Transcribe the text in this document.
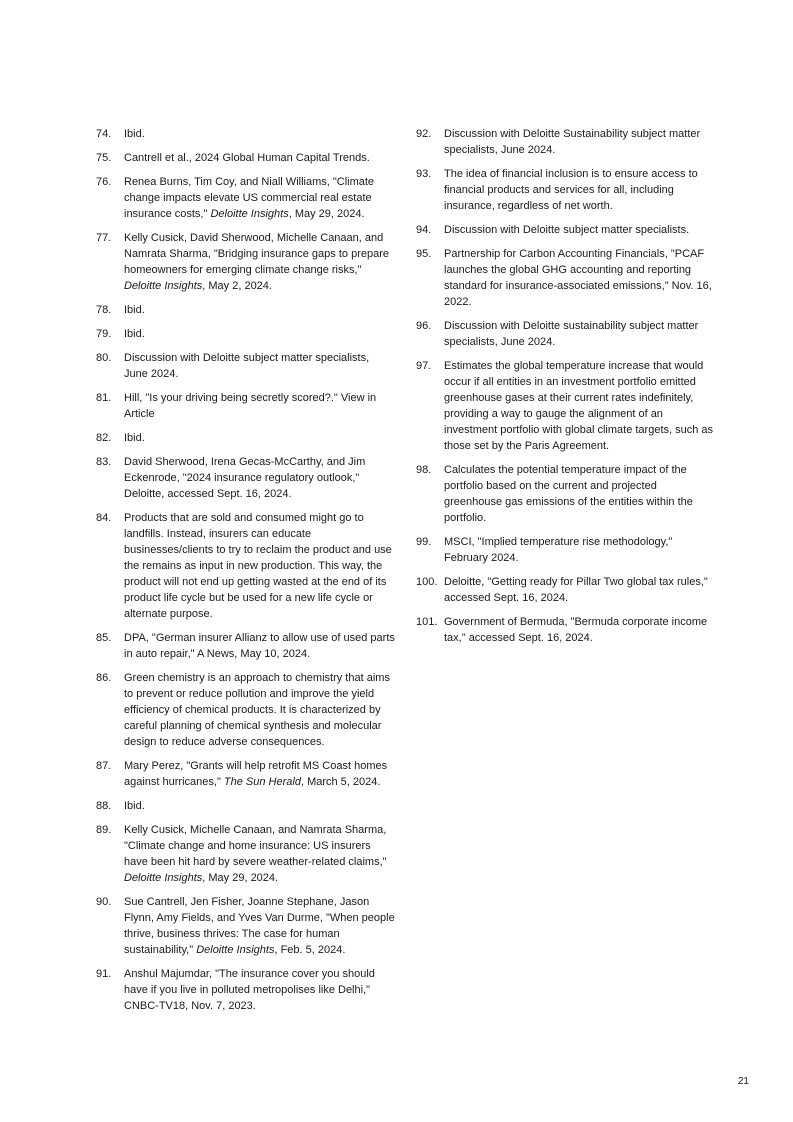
74.	Ibid.
75.	Cantrell et al., 2024 Global Human Capital Trends.
76.	Renea Burns, Tim Coy, and Niall Williams, "Climate change impacts elevate US commercial real estate insurance costs," Deloitte Insights, May 29, 2024.
77.	Kelly Cusick, David Sherwood, Michelle Canaan, and Namrata Sharma, "Bridging insurance gaps to prepare homeowners for emerging climate change risks," Deloitte Insights, May 2, 2024.
78.	Ibid.
79.	Ibid.
80.	Discussion with Deloitte subject matter specialists, June 2024.
81.	Hill, "Is your driving being secretly scored?." View in Article
82.	Ibid.
83.	David Sherwood, Irena Gecas-McCarthy, and Jim Eckenrode, "2024 insurance regulatory outlook," Deloitte, accessed Sept. 16, 2024.
84.	Products that are sold and consumed might go to landfills. Instead, insurers can educate businesses/clients to try to reclaim the product and use the remains as input in new production. This way, the product will not end up getting wasted at the end of its product life cycle but be used for a new life cycle or alternate purpose.
85.	DPA, "German insurer Allianz to allow use of used parts in auto repair," A News, May 10, 2024.
86.	Green chemistry is an approach to chemistry that aims to prevent or reduce pollution and improve the yield efficiency of chemical products. It is characterized by careful planning of chemical synthesis and molecular design to reduce adverse consequences.
87.	Mary Perez, "Grants will help retrofit MS Coast homes against hurricanes," The Sun Herald, March 5, 2024.
88.	Ibid.
89.	Kelly Cusick, Michelle Canaan, and Namrata Sharma, "Climate change and home insurance: US insurers have been hit hard by severe weather-related claims," Deloitte Insights, May 29, 2024.
90.	Sue Cantrell, Jen Fisher, Joanne Stephane, Jason Flynn, Amy Fields, and Yves Van Durme, "When people thrive, business thrives: The case for human sustainability," Deloitte Insights, Feb. 5, 2024.
91.	Anshul Majumdar, "The insurance cover you should have if you live in polluted metropolises like Delhi," CNBC-TV18, Nov. 7, 2023.
92.	Discussion with Deloitte Sustainability subject matter specialists, June 2024.
93.	The idea of financial inclusion is to ensure access to financial products and services for all, including insurance, regardless of net worth.
94.	Discussion with Deloitte subject matter specialists.
95.	Partnership for Carbon Accounting Financials, "PCAF launches the global GHG accounting and reporting standard for insurance-associated emissions," Nov. 16, 2022.
96.	Discussion with Deloitte sustainability subject matter specialists, June 2024.
97.	Estimates the global temperature increase that would occur if all entities in an investment portfolio emitted greenhouse gases at their current rates indefinitely, providing a way to gauge the alignment of an investment portfolio with global climate targets, such as those set by the Paris Agreement.
98.	Calculates the potential temperature impact of the portfolio based on the current and projected greenhouse gas emissions of the entities within the portfolio.
99.	MSCI, "Implied temperature rise methodology," February 2024.
100. Deloitte, "Getting ready for Pillar Two global tax rules," accessed Sept. 16, 2024.
101. Government of Bermuda, "Bermuda corporate income tax," accessed Sept. 16, 2024.
21
